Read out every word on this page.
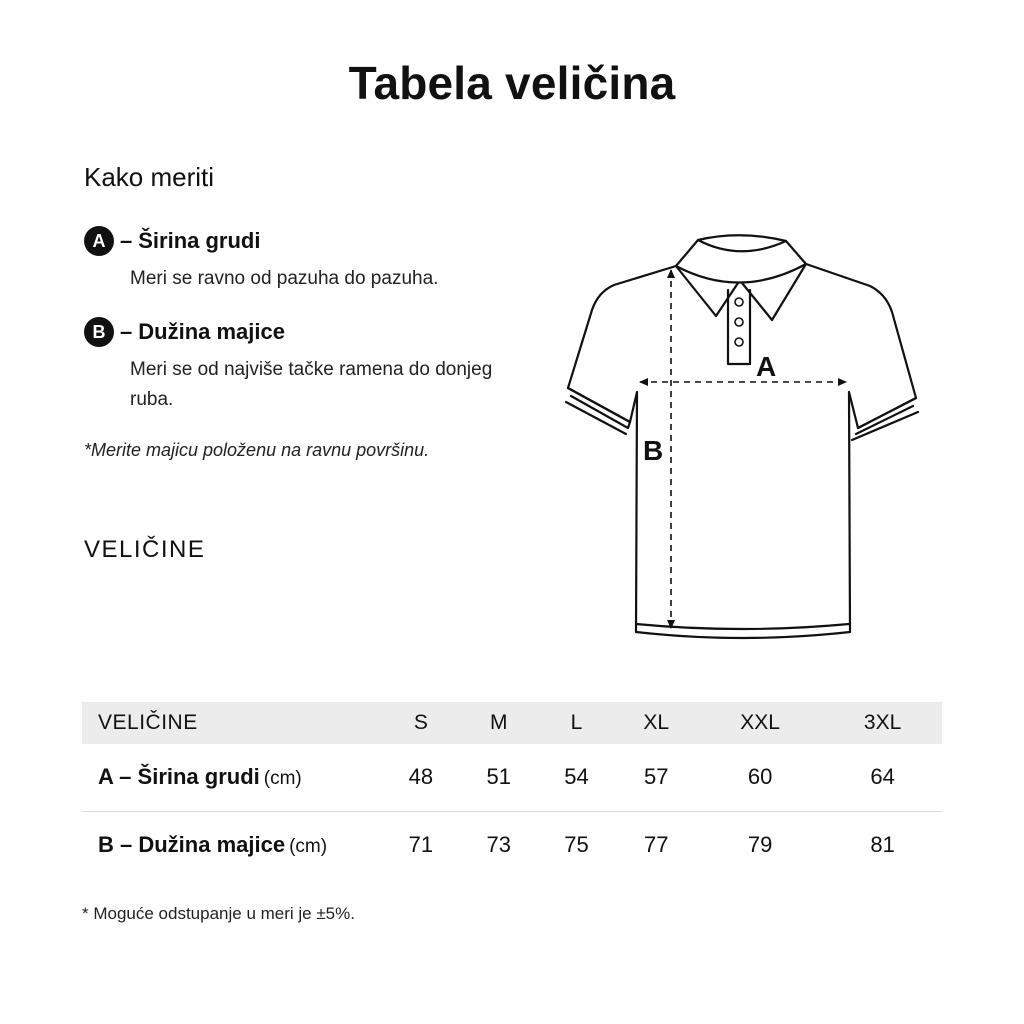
Tabela veličina
Kako meriti
A – Širina grudi
Meri se ravno od pazuha do pazuha.
B – Dužina majice
Meri se od najviše tačke ramena do donjeg ruba.
*Merite majicu položenu na ravnu površinu.
VELIČINE
A
B
VELIČINE	S	M	L	XL	XXL	3XL
A – Širina grudi (cm)	48	51	54	57	60	64
B – Dužina majice (cm)	71	73	75	77	79	81
* Moguće odstupanje u meri je ±5%.
